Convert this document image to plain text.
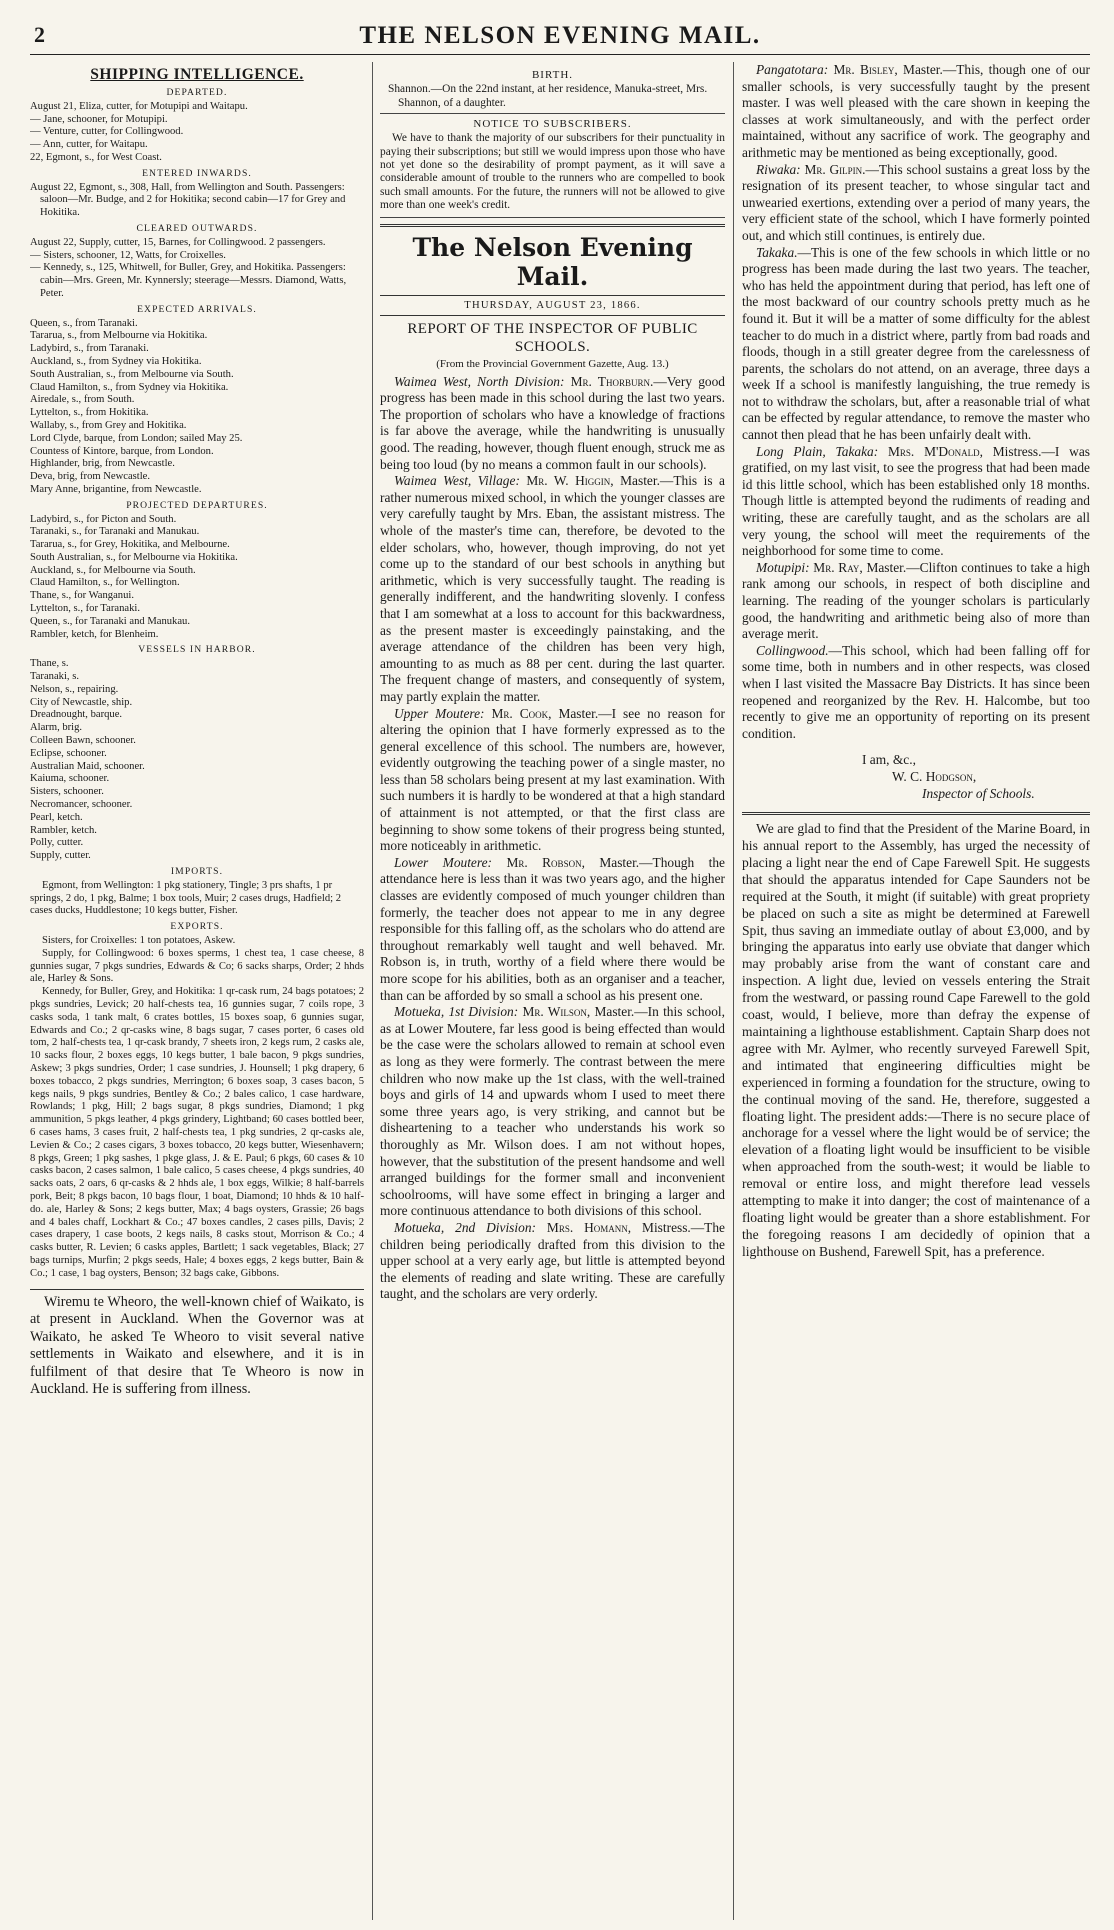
2	THE NELSON EVENING MAIL.
SHIPPING INTELLIGENCE.
DEPARTED.

August 21, Eliza, cutter, for Motupipi and Waitapu.

— Jane, schooner, for Motupipi.

— Venture, cutter, for Collingwood.

— Ann, cutter, for Waitapu.

22, Egmont, s., for West Coast.

ENTERED INWARDS.

August 22, Egmont, s., 308, Hall, from Wellington and South. Passengers: saloon—Mr. Budge, and 2 for Hokitika; second cabin—17 for Grey and Hokitika.

CLEARED OUTWARDS.

August 22, Supply, cutter, 15, Barnes, for Collingwood. 2 passengers.

— Sisters, schooner, 12, Watts, for Croixelles.

— Kennedy, s., 125, Whitwell, for Buller, Grey, and Hokitika. Passengers: cabin—Mrs. Green, Mr. Kynnersly; steerage—Messrs. Diamond, Watts, Peter.

EXPECTED ARRIVALS.

Queen, s., from Taranaki.

Tararua, s., from Melbourne via Hokitika.

Ladybird, s., from Taranaki.

Auckland, s., from Sydney via Hokitika.

South Australian, s., from Melbourne via South.

Claud Hamilton, s., from Sydney via Hokitika.

Airedale, s., from South.

Lyttelton, s., from Hokitika.

Wallaby, s., from Grey and Hokitika.

Lord Clyde, barque, from London; sailed May 25.

Countess of Kintore, barque, from London.

Highlander, brig, from Newcastle.

Deva, brig, from Newcastle.

Mary Anne, brigantine, from Newcastle.

PROJECTED DEPARTURES.

Ladybird, s., for Picton and South.

Taranaki, s., for Taranaki and Manukau.

Tararua, s., for Grey, Hokitika, and Melbourne.

South Australian, s., for Melbourne via Hokitika.

Auckland, s., for Melbourne via South.

Claud Hamilton, s., for Wellington.

Thane, s., for Wanganui.

Lyttelton, s., for Taranaki.

Queen, s., for Taranaki and Manukau.

Rambler, ketch, for Blenheim.

VESSELS IN HARBOR.

Thane, s.

Taranaki, s.

Nelson, s., repairing.

City of Newcastle, ship.

Dreadnought, barque.

Alarm, brig.

Colleen Bawn, schooner.

Eclipse, schooner.

Australian Maid, schooner.

Kaiuma, schooner.

Sisters, schooner.

Necromancer, schooner.

Pearl, ketch.

Rambler, ketch.

Polly, cutter.

Supply, cutter.

IMPORTS.

Egmont, from Wellington: 1 pkg stationery, Tingle; 3 prs shafts, 1 pr springs, 2 do, 1 pkg, Balme; 1 box tools, Muir; 2 cases drugs, Hadfield; 2 cases ducks, Huddlestone; 10 kegs butter, Fisher.

EXPORTS.

Sisters, for Croixelles: 1 ton potatoes, Askew.

Supply, for Collingwood: 6 boxes sperms, 1 chest tea, 1 case cheese, 8 gunnies sugar, 7 pkgs sundries, Edwards & Co; 6 sacks sharps, Order; 2 hhds ale, Harley & Sons.

Kennedy, for Buller, Grey, and Hokitika: 1 qr-cask rum, 24 bags potatoes; 2 pkgs sundries, Levick; 20 half-chests tea, 16 gunnies sugar, 7 coils rope, 3 casks soda, 1 tank malt, 6 crates bottles, 15 boxes soap, 6 gunnies sugar, Edwards and Co.; 2 qr-casks wine, 8 bags sugar, 7 cases porter, 6 cases old tom, 2 half-chests tea, 1 qr-cask brandy, 7 sheets iron, 2 kegs rum, 2 casks ale, 10 sacks flour, 2 boxes eggs, 10 kegs butter, 1 bale bacon, 9 pkgs sundries, Askew; 3 pkgs sundries, Order; 1 case sundries, J. Hounsell; 1 pkg drapery, 6 boxes tobacco, 2 pkgs sundries, Merrington; 6 boxes soap, 3 cases bacon, 5 kegs nails, 9 pkgs sundries, Bentley & Co.; 2 bales calico, 1 case hardware, Rowlands; 1 pkg, Hill; 2 bags sugar, 8 pkgs sundries, Diamond; 1 pkg ammunition, 5 pkgs leather, 4 pkgs grindery, Lightband; 60 cases bottled beer, 6 cases hams, 3 cases fruit, 2 half-chests tea, 1 pkg sundries, 2 qr-casks ale, Levien & Co.; 2 cases cigars, 3 boxes tobacco, 20 kegs butter, Wiesenhavern; 8 pkgs, Green; 1 pkg sashes, 1 pkge glass, J. & E. Paul; 6 pkgs, 60 cases & 10 casks bacon, 2 cases salmon, 1 bale calico, 5 cases cheese, 4 pkgs sundries, 40 sacks oats, 2 oars, 6 qr-casks & 2 hhds ale, 1 box eggs, Wilkie; 8 half-barrels pork, Beit; 8 pkgs bacon, 10 bags flour, 1 boat, Diamond; 10 hhds & 10 half-do. ale, Harley & Sons; 2 kegs butter, Max; 4 bags oysters, Grassie; 26 bags and 4 bales chaff, Lockhart & Co.; 47 boxes candles, 2 cases pills, Davis; 2 cases drapery, 1 case boots, 2 kegs nails, 8 casks stout, Morrison & Co.; 4 casks butter, R. Levien; 6 casks apples, Bartlett; 1 sack vegetables, Black; 27 bags turnips, Murfin; 2 pkgs seeds, Hale; 4 boxes eggs, 2 kegs butter, Bain & Co.; 1 case, 1 bag oysters, Benson; 32 bags cake, Gibbons.

Wiremu te Wheoro, the well-known chief of Waikato, is at present in Auckland. When the Governor was at Waikato, he asked Te Wheoro to visit several native settlements in Waikato and elsewhere, and it is in fulfilment of that desire that Te Wheoro is now in Auckland. He is suffering from illness.

BIRTH.

Shannon.—On the 22nd instant, at her residence, Manuka-street, Mrs. Shannon, of a daughter.

NOTICE TO SUBSCRIBERS.

We have to thank the majority of our subscribers for their punctuality in paying their subscriptions; but still we would impress upon those who have not yet done so the desirability of prompt payment, as it will save a considerable amount of trouble to the runners who are compelled to book such small amounts. For the future, the runners will not be allowed to give more than one week's credit.

The Nelson Evening Mail.
THURSDAY, AUGUST 23, 1866.
REPORT OF THE INSPECTOR OF PUBLIC SCHOOLS.
(From the Provincial Government Gazette, Aug. 13.)

Waimea West, North Division: Mr. Thorburn.—Very good progress has been made in this school during the last two years. The proportion of scholars who have a knowledge of fractions is far above the average, while the handwriting is unusually good. The reading, however, though fluent enough, struck me as being too loud (by no means a common fault in our schools).

Waimea West, Village: Mr. W. Higgin, Master.—This is a rather numerous mixed school, in which the younger classes are very carefully taught by Mrs. Eban, the assistant mistress. The whole of the master's time can, therefore, be devoted to the elder scholars, who, however, though improving, do not yet come up to the standard of our best schools in anything but arithmetic, which is very successfully taught. The reading is generally indifferent, and the handwriting slovenly. I confess that I am somewhat at a loss to account for this backwardness, as the present master is exceedingly painstaking, and the average attendance of the children has been very high, amounting to as much as 88 per cent. during the last quarter. The frequent change of masters, and consequently of system, may partly explain the matter.

Upper Moutere: Mr. Cook, Master.—I see no reason for altering the opinion that I have formerly expressed as to the general excellence of this school. The numbers are, however, evidently outgrowing the teaching power of a single master, no less than 58 scholars being present at my last examination. With such numbers it is hardly to be wondered at that a high standard of attainment is not attempted, or that the first class are beginning to show some tokens of their progress being stunted, more noticeably in arithmetic.

Lower Moutere: Mr. Robson, Master.—Though the attendance here is less than it was two years ago, and the higher classes are evidently composed of much younger children than formerly, the teacher does not appear to me in any degree responsible for this falling off, as the scholars who do attend are throughout remarkably well taught and well behaved. Mr. Robson is, in truth, worthy of a field where there would be more scope for his abilities, both as an organiser and a teacher, than can be afforded by so small a school as his present one.

Motueka, 1st Division: Mr. Wilson, Master.—In this school, as at Lower Moutere, far less good is being effected than would be the case were the scholars allowed to remain at school even as long as they were formerly. The contrast between the mere children who now make up the 1st class, with the well-trained boys and girls of 14 and upwards whom I used to meet there some three years ago, is very striking, and cannot but be disheartening to a teacher who understands his work so thoroughly as Mr. Wilson does. I am not without hopes, however, that the substitution of the present handsome and well arranged buildings for the former small and inconvenient schoolrooms, will have some effect in bringing a larger and more continuous attendance to both divisions of this school.

Motueka, 2nd Division: Mrs. Homann, Mistress.—The children being periodically drafted from this division to the upper school at a very early age, but little is attempted beyond the elements of reading and slate writing. These are carefully taught, and the scholars are very orderly.

Pangatotara: Mr. Bisley, Master.—This, though one of our smaller schools, is very successfully taught by the present master. I was well pleased with the care shown in keeping the classes at work simultaneously, and with the perfect order maintained, without any sacrifice of work. The geography and arithmetic may be mentioned as being exceptionally, good.

Riwaka: Mr. Gilpin.—This school sustains a great loss by the resignation of its present teacher, to whose singular tact and unwearied exertions, extending over a period of many years, the very efficient state of the school, which I have formerly pointed out, and which still continues, is entirely due.

Takaka.—This is one of the few schools in which little or no progress has been made during the last two years. The teacher, who has held the appointment during that period, has left one of the most backward of our country schools pretty much as he found it. But it will be a matter of some difficulty for the ablest teacher to do much in a district where, partly from bad roads and floods, though in a still greater degree from the carelessness of parents, the scholars do not attend, on an average, three days a week If a school is manifestly languishing, the true remedy is not to withdraw the scholars, but, after a reasonable trial of what can be effected by regular attendance, to remove the master who cannot then plead that he has been unfairly dealt with.

Long Plain, Takaka: Mrs. M'Donald, Mistress.—I was gratified, on my last visit, to see the progress that had been made id this little school, which has been established only 18 months. Though little is attempted beyond the rudiments of reading and writing, these are carefully taught, and as the scholars are all very young, the school will meet the requirements of the neighborhood for some time to come.

Motupipi: Mr. Ray, Master.—Clifton continues to take a high rank among our schools, in respect of both discipline and learning. The reading of the younger scholars is particularly good, the handwriting and arithmetic being also of more than average merit.

Collingwood.—This school, which had been falling off for some time, both in numbers and in other respects, was closed when I last visited the Massacre Bay Districts. It has since been reopened and reorganized by the Rev. H. Halcombe, but too recently to give me an opportunity of reporting on its present condition.

I am, &c.,

W. C. Hodgson,

Inspector of Schools.

We are glad to find that the President of the Marine Board, in his annual report to the Assembly, has urged the necessity of placing a light near the end of Cape Farewell Spit. He suggests that should the apparatus intended for Cape Saunders not be required at the South, it might (if suitable) with great propriety be placed on such a site as might be determined at Farewell Spit, thus saving an immediate outlay of about £3,000, and by bringing the apparatus into early use obviate that danger which may probably arise from the want of constant care and inspection. A light due, levied on vessels entering the Strait from the westward, or passing round Cape Farewell to the gold coast, would, I believe, more than defray the expense of maintaining a lighthouse establishment. Captain Sharp does not agree with Mr. Aylmer, who recently surveyed Farewell Spit, and intimated that engineering difficulties might be experienced in forming a foundation for the structure, owing to the continual moving of the sand. He, therefore, suggested a floating light. The president adds:—There is no secure place of anchorage for a vessel where the light would be of service; the elevation of a floating light would be insufficient to be visible when approached from the south-west; it would be liable to removal or entire loss, and might therefore lead vessels attempting to make it into danger; the cost of maintenance of a floating light would be greater than a shore establishment. For the foregoing reasons I am decidedly of opinion that a lighthouse on Bushend, Farewell Spit, has a preference.
